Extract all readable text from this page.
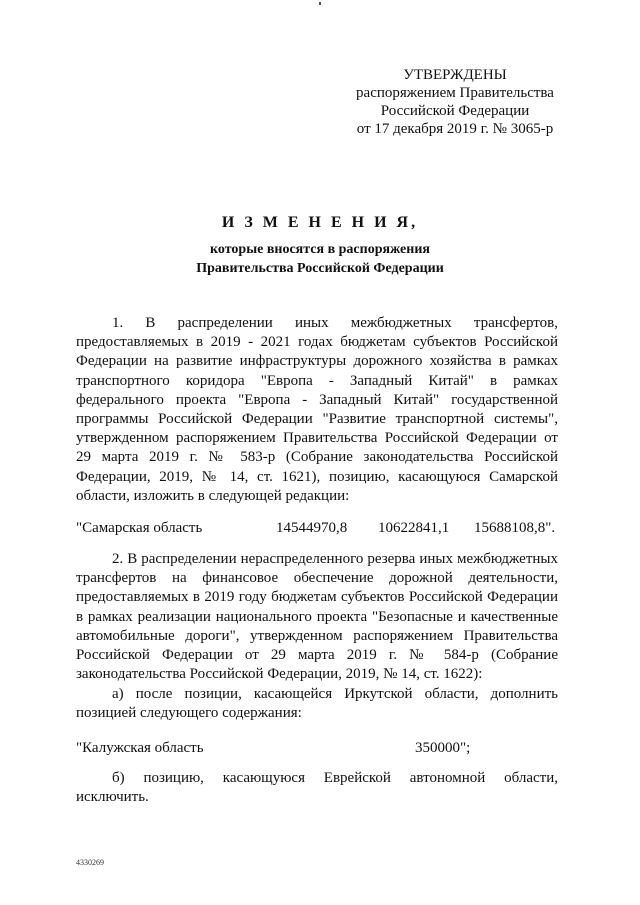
УТВЕРЖДЕНЫ
распоряжением Правительства
Российской Федерации
от 17 декабря 2019 г. № 3065-р
И З М Е Н Е Н И Я,
которые вносятся в распоряжения
Правительства Российской Федерации
1. В распределении иных межбюджетных трансфертов, предоставляемых в 2019 - 2021 годах бюджетам субъектов Российской Федерации на развитие инфраструктуры дорожного хозяйства в рамках транспортного коридора "Европа - Западный Китай" в рамках федерального проекта "Европа - Западный Китай" государственной программы Российской Федерации "Развитие транспортной системы", утвержденном распоряжением Правительства Российской Федерации от 29 марта 2019 г. № 583-р (Собрание законодательства Российской Федерации, 2019, № 14, ст. 1621), позицию, касающуюся Самарской области, изложить в следующей редакции:
"Самарская область	14544970,8 10622841,1 15688108,8".
2. В распределении нераспределенного резерва иных межбюджетных трансфертов на финансовое обеспечение дорожной деятельности, предоставляемых в 2019 году бюджетам субъектов Российской Федерации в рамках реализации национального проекта "Безопасные и качественные автомобильные дороги", утвержденном распоряжением Правительства Российской Федерации от 29 марта 2019 г. № 584-р (Собрание законодательства Российской Федерации, 2019, № 14, ст. 1622):
а) после позиции, касающейся Иркутской области, дополнить позицией следующего содержания:
"Калужская область	350000";
б) позицию, касающуюся Еврейской автономной области, исключить.
4330269
